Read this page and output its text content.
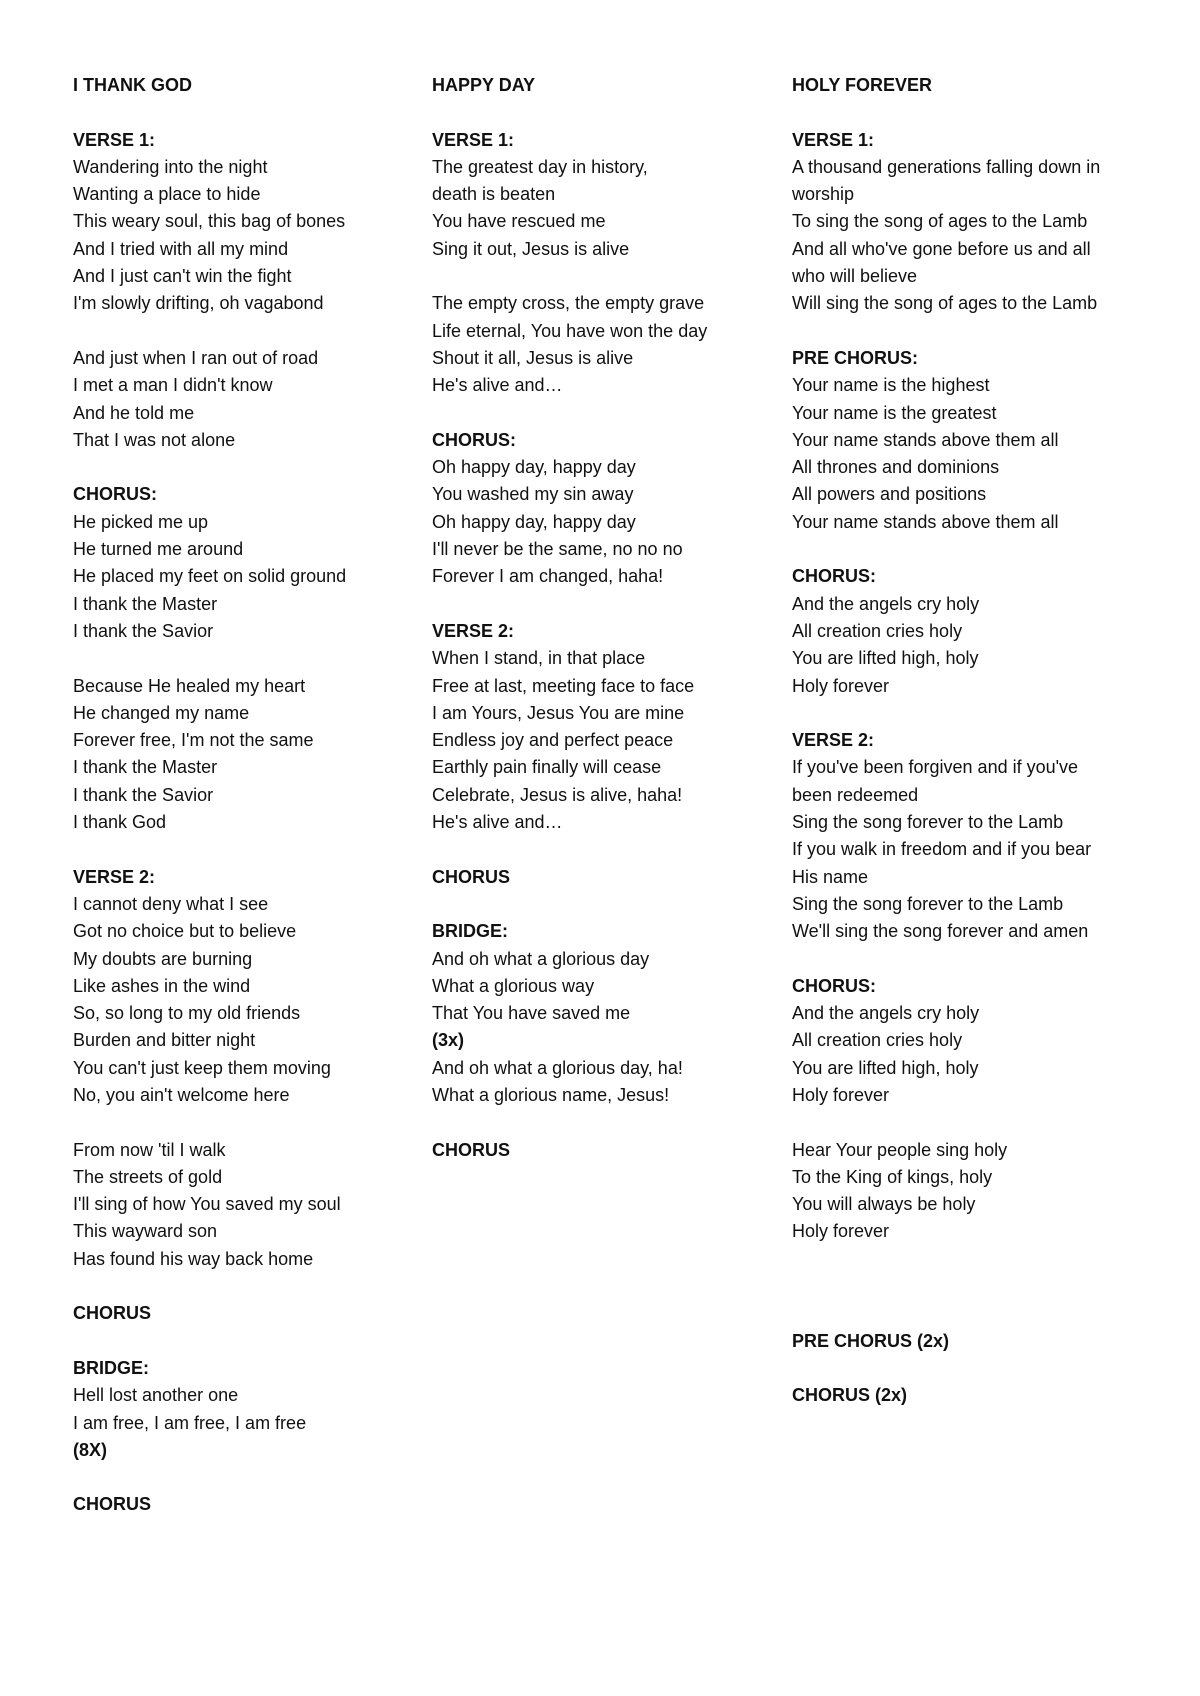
I THANK GOD
VERSE 1:
Wandering into the night
Wanting a place to hide
This weary soul, this bag of bones
And I tried with all my mind
And I just can't win the fight
I'm slowly drifting, oh vagabond
And just when I ran out of road
I met a man I didn't know
And he told me
That I was not alone
CHORUS:
He picked me up
He turned me around
He placed my feet on solid ground
I thank the Master
I thank the Savior
Because He healed my heart
He changed my name
Forever free, I'm not the same
I thank the Master
I thank the Savior
I thank God
VERSE 2:
I cannot deny what I see
Got no choice but to believe
My doubts are burning
Like ashes in the wind
So, so long to my old friends
Burden and bitter night
You can't just keep them moving
No, you ain't welcome here
From now 'til I walk
The streets of gold
I'll sing of how You saved my soul
This wayward son
Has found his way back home
CHORUS
BRIDGE:
Hell lost another one
I am free, I am free, I am free
(8X)
CHORUS
HAPPY DAY
VERSE 1:
The greatest day in history,
death is beaten
You have rescued me
Sing it out, Jesus is alive
The empty cross, the empty grave
Life eternal, You have won the day
Shout it all, Jesus is alive
He's alive and…
CHORUS:
Oh happy day, happy day
You washed my sin away
Oh happy day, happy day
I'll never be the same, no no no
Forever I am changed, haha!
VERSE 2:
When I stand, in that place
Free at last, meeting face to face
I am Yours, Jesus You are mine
Endless joy and perfect peace
Earthly pain finally will cease
Celebrate, Jesus is alive, haha!
He's alive and…
CHORUS
BRIDGE:
And oh what a glorious day
What a glorious way
That You have saved me
(3x)
And oh what a glorious day, ha!
What a glorious name, Jesus!
CHORUS
HOLY FOREVER
VERSE 1:
A thousand generations falling down in
worship
To sing the song of ages to the Lamb
And all who've gone before us and all
who will believe
Will sing the song of ages to the Lamb
PRE CHORUS:
Your name is the highest
Your name is the greatest
Your name stands above them all
All thrones and dominions
All powers and positions
Your name stands above them all
CHORUS:
And the angels cry holy
All creation cries holy
You are lifted high, holy
Holy forever
VERSE 2:
If you've been forgiven and if you've
been redeemed
Sing the song forever to the Lamb
If you walk in freedom and if you bear
His name
Sing the song forever to the Lamb
We'll sing the song forever and amen
CHORUS:
And the angels cry holy
All creation cries holy
You are lifted high, holy
Holy forever
Hear Your people sing holy
To the King of kings, holy
You will always be holy
Holy forever
PRE CHORUS (2x)
CHORUS (2x)
